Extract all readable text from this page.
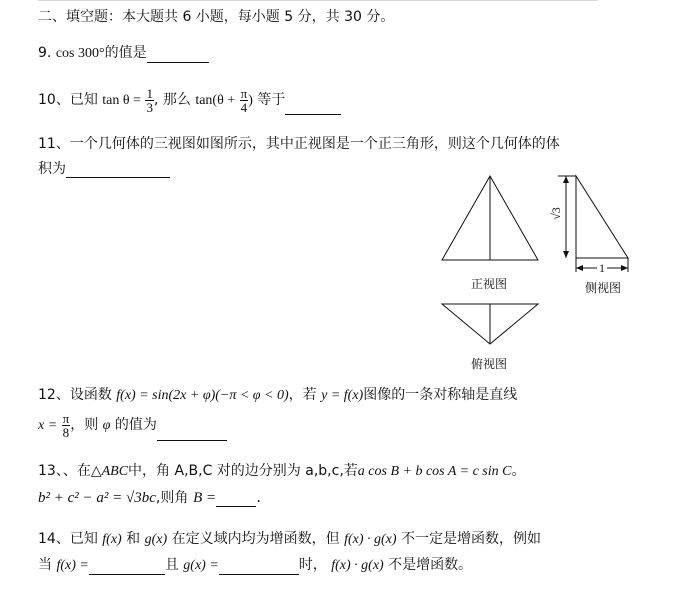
二、填空题：本大题共 6 小题，每小题 5 分，共 30 分。
9. cos 300°的值是
10、已知 $\tan \theta = \frac{1}{3}$ , 那么 $\tan(\theta + \frac{\pi}{4}$ ) 等于
11、一个几何体的三视图如图所示，其中正视图是一个正三角形，则这个几何体的体
积为
正视图
√3
1
侧视图
俯视图
12、设函数 f(x) = sin(2x + φ)(−π < φ < 0)，若 y = f(x)图像的一条对称轴是直线
$x = \frac{\pi}{8}$ ，则 φ 的值为
13、、在△ABC中，角 A,B,C 对的边分别为 a,b,c,若a cos B + b cos A = c sin C。
b² + c² − a² = √3bc,则角 B =	.
14、已知 f(x) 和 g(x) 在定义域内均为增函数，但 f(x) · g(x) 不一定是增函数，例如
当 f(x) =	且 g(x) =	时， f(x) · g(x) 不是增函数。
